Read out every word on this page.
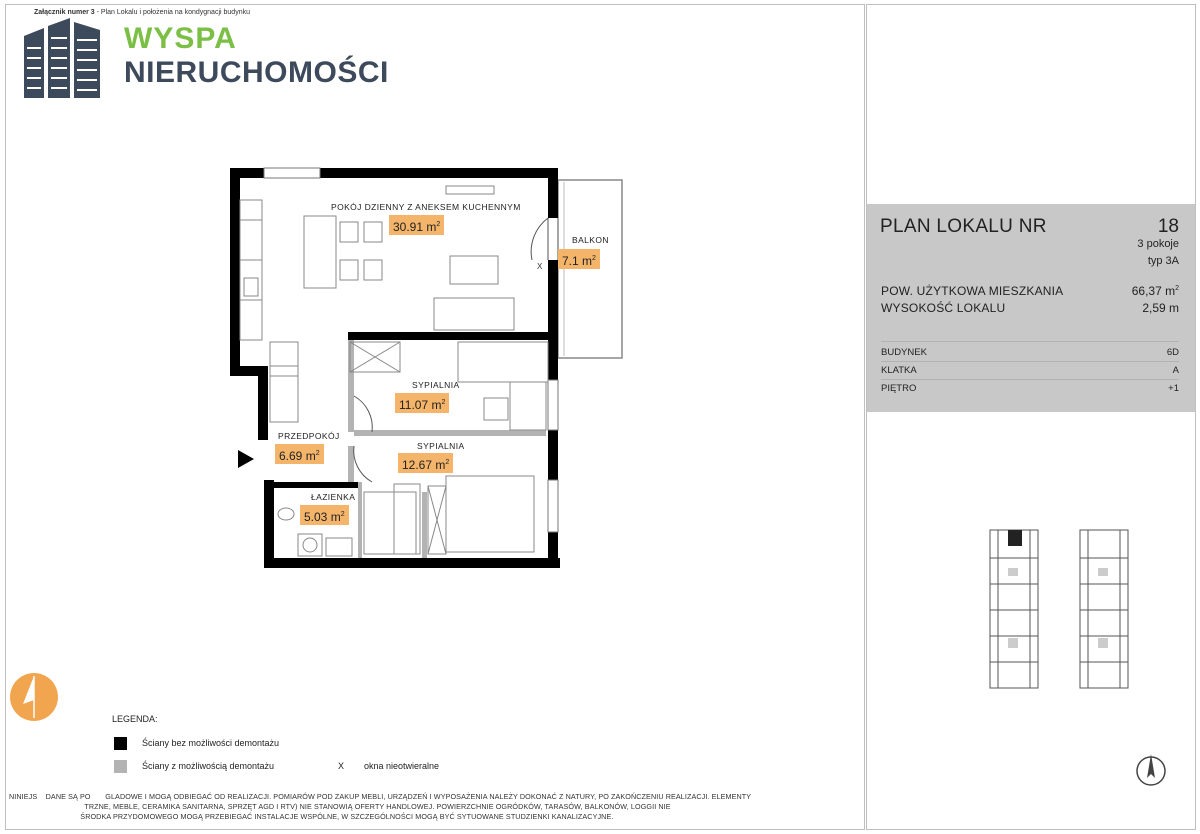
Załącznik numer 3 - Plan Lokalu i położenia na kondygnacji budynku
WYSPA
NIERUCHOMOŚCI
X
POKÓJ DZIENNY Z ANEKSEM KUCHENNYM
30.91 $m^2$
BALKON
7.1 $m^2$
SYPIALNIA
11.07 $m^2$
SYPIALNIA
12.67 $m^2$
PRZEDPOKÓJ
6.69 $m^2$
ŁAZIENKA
5.03 $m^2$
LEGENDA:
Ściany bez możliwości demontażu
Ściany z możliwością demontażu	X okna nieotwieralne
NINIEJS    DANE SĄ PO       GLADOWE I MOGĄ ODBIEGAĆ OD REALIZACJI. POMIARÓW POD ZAKUP MEBLI, URZĄDZEŃ I WYPOSAŻENIA NALEŻY DOKONAĆ Z NATURY, PO ZAKOŃCZENIU REALIZACJI. ELEMENTY
TRZNE, MEBLE, CERAMIKA SANITARNA, SPRZĘT AGD I RTV) NIE STANOWIĄ OFERTY HANDLOWEJ. POWIERZCHNIE OGRÓDKÓW, TARASÓW, BALKONÓW, LOGGII NIE
ŚRODKA PRZYDOMOWEGO MOGĄ PRZEBIEGAĆ INSTALACJE WSPÓLNE, W SZCZEGÓLNOŚCI MOGĄ BYĆ SYTUOWANE STUDZIENKI KANALIZACYJNE.
PLAN LOKALU NR	18
3 pokoje
typ 3A
POW. UŻYTKOWA MIESZKANIA	66,37 $m^2$
WYSOKOŚĆ LOKALU	2,59 m
BUDYNEK	6D
KLATKA	A
PIĘTRO	+1
